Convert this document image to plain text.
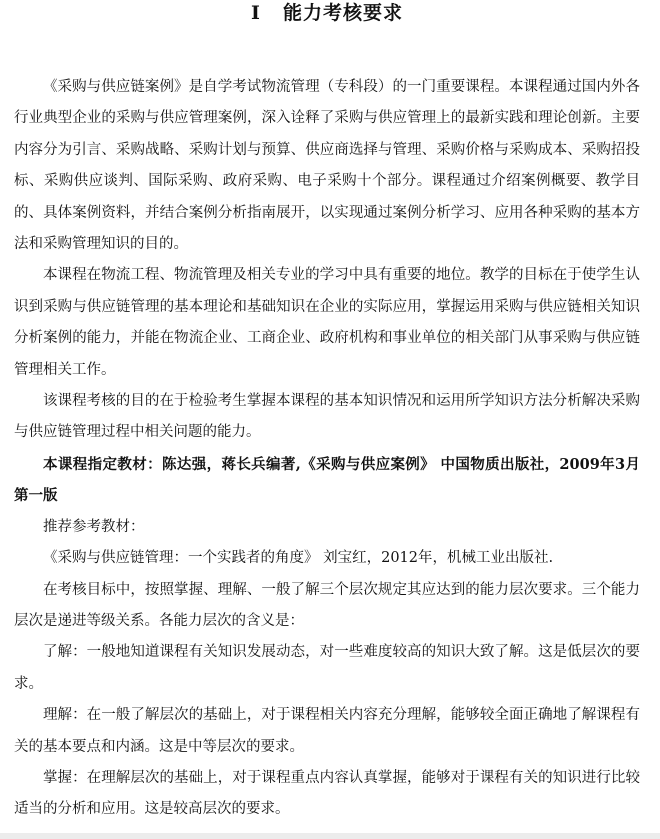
I 能力考核要求

《采购与供应链案例》是自学考试物流管理（专科段）的一门重要课程。本课程通过国内外各行业典型企业的采购与供应管理案例，深入诠释了采购与供应管理上的最新实践和理论创新。主要内容分为引言、采购战略、采购计划与预算、供应商选择与管理、采购价格与采购成本、采购招投标、采购供应谈判、国际采购、政府采购、电子采购十个部分。课程通过介绍案例概要、教学目的、具体案例资料，并结合案例分析指南展开，以实现通过案例分析学习、应用各种采购的基本方法和采购管理知识的目的。

本课程在物流工程、物流管理及相关专业的学习中具有重要的地位。教学的目标在于使学生认识到采购与供应链管理的基本理论和基础知识在企业的实际应用，掌握运用采购与供应链相关知识分析案例的能力，并能在物流企业、工商企业、政府机构和事业单位的相关部门从事采购与供应链管理相关工作。

该课程考核的目的在于检验考生掌握本课程的基本知识情况和运用所学知识方法分析解决采购与供应链管理过程中相关问题的能力。

本课程指定教材：陈达强，蒋长兵编著,《采购与供应案例》 中国物质出版社，2009年3月第一版

推荐参考教材：

《采购与供应链管理：一个实践者的角度》 刘宝红，2012年，机械工业出版社.

在考核目标中，按照掌握、理解、一般了解三个层次规定其应达到的能力层次要求。三个能力层次是递进等级关系。各能力层次的含义是：

了解：一般地知道课程有关知识发展动态，对一些难度较高的知识大致了解。这是低层次的要求。

理解：在一般了解层次的基础上，对于课程相关内容充分理解，能够较全面正确地了解课程有关的基本要点和内涵。这是中等层次的要求。

掌握：在理解层次的基础上，对于课程重点内容认真掌握，能够对于课程有关的知识进行比较适当的分析和应用。这是较高层次的要求。
